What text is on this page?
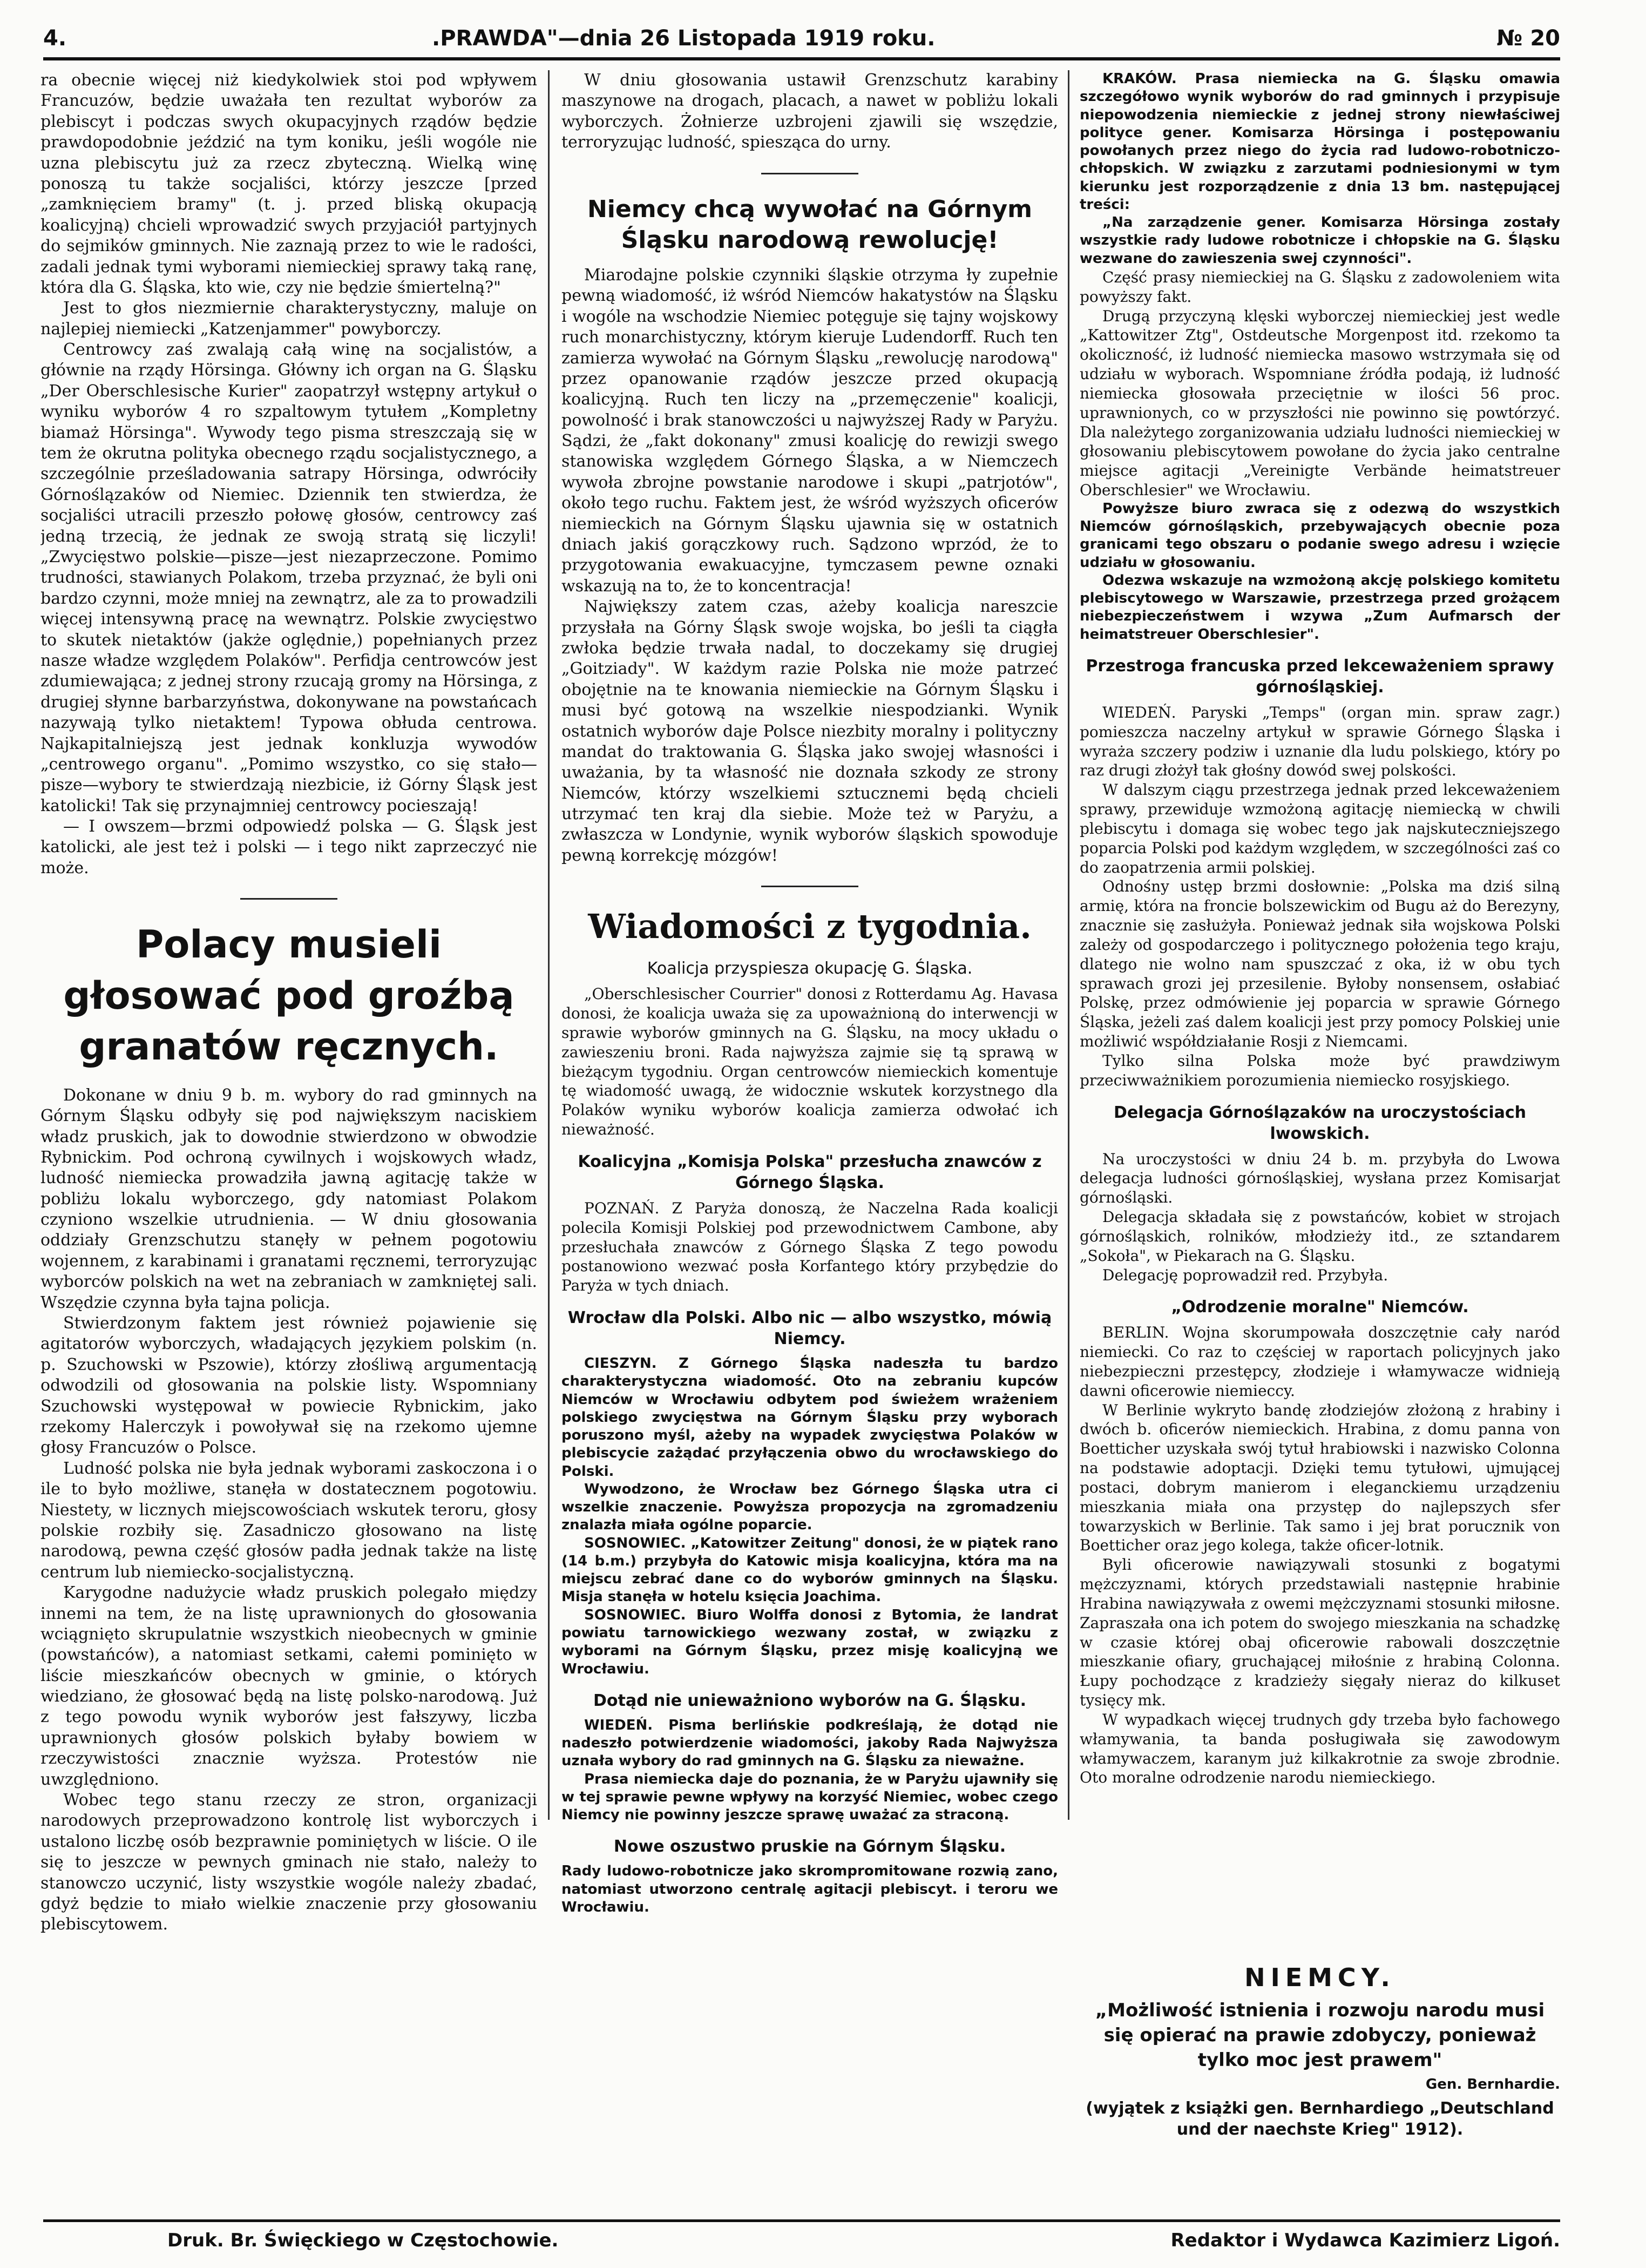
4.	.PRAWDA"—dnia 26 Listopada 1919 roku.	№ 20

ra obecnie więcej niż kiedykolwiek stoi pod wpływem Francuzów, będzie uważała ten rezultat wyborów za plebiscyt i podczas swych okupacyjnych rządów będzie prawdopodobnie jeździć na tym koniku, jeśli wogóle nie uzna plebiscytu już za rzecz zbyteczną. Wielką winę ponoszą tu także socjaliści, którzy jeszcze [przed „zamknięciem bramy" (t. j. przed bliską okupacją koalicyjną) chcieli wprowadzić swych przyjaciół partyjnych do sejmików gminnych. Nie zaznają przez to wie le radości, zadali jednak tymi wyborami niemieckiej sprawy taką ranę, która dla G. Śląska, kto wie, czy nie będzie śmiertelną?"

Jest to głos niezmiernie charakterystyczny, maluje on najlepiej niemiecki „Katzenjammer" powyborczy.

Centrowcy zaś zwalają całą winę na socjalistów, a głównie na rządy Hörsinga. Główny ich organ na G. Śląsku „Der Oberschlesische Kurier" zaopatrzył wstępny artykuł o wyniku wyborów 4 ro szpaltowym tytułem „Kompletny biamaż Hörsinga". Wywody tego pisma streszczają się w tem że okrutna polityka obecnego rządu socjalistycznego, a szczególnie prześladowania satrapy Hörsinga, odwróciły Górnoślązaków od Niemiec. Dziennik ten stwierdza, że socjaliści utracili przeszło połowę głosów, centrowcy zaś jedną trzecią, że jednak ze swoją stratą się liczyli! „Zwycięstwo polskie—pisze—jest niezaprzeczone. Pomimo trudności, stawianych Polakom, trzeba przyznać, że byli oni bardzo czynni, może mniej na zewnątrz, ale za to prowadzili więcej intensywną pracę na wewnątrz. Polskie zwycięstwo to skutek nietaktów (jakże oględnie,) popełnianych przez nasze władze względem Polaków". Perfidja centrowców jest zdumiewająca; z jednej strony rzucają gromy na Hörsinga, z drugiej słynne barbarzyństwa, dokonywane na powstańcach nazywają tylko nietaktem! Typowa obłuda centrowa. Najkapitalniejszą jest jednak konkluzja wywodów „centrowego organu". „Pomimo wszystko, co się stało—pisze—wybory te stwierdzają niezbicie, iż Górny Śląsk jest katolicki! Tak się przynajmniej centrowcy pocieszają!

— I owszem—brzmi odpowiedź polska — G. Śląsk jest katolicki, ale jest też i polski — i tego nikt zaprzeczyć nie może.

Polacy musieli głosować pod groźbą granatów ręcznych.

Dokonane w dniu 9 b. m. wybory do rad gminnych na Górnym Śląsku odbyły się pod największym naciskiem władz pruskich, jak to dowodnie stwierdzono w obwodzie Rybnickim. Pod ochroną cywilnych i wojskowych władz, ludność niemiecka prowadziła jawną agitację także w pobliżu lokalu wyborczego, gdy natomiast Polakom czyniono wszelkie utrudnienia. — W dniu głosowania oddziały Grenzschutzu stanęły w pełnem pogotowiu wojennem, z karabinami i granatami ręcznemi, terroryzując wyborców polskich na wet na zebraniach w zamkniętej sali. Wszędzie czynna była tajna policja.

Stwierdzonym faktem jest również pojawienie się agitatorów wyborczych, władających językiem polskim (n. p. Szuchowski w Pszowie), którzy złośliwą argumentacją odwodzili od głosowania na polskie listy. Wspomniany Szuchowski występował w powiecie Rybnickim, jako rzekomy Halerczyk i powoływał się na rzekomo ujemne głosy Francuzów o Polsce.

Ludność polska nie była jednak wyborami zaskoczona i o ile to było możliwe, stanęła w dostatecznem pogotowiu. Niestety, w licznych miejscowościach wskutek teroru, głosy polskie rozbiły się. Zasadniczo głosowano na listę narodową, pewna część głosów padła jednak także na listę centrum lub niemiecko-socjalistyczną.

Karygodne nadużycie władz pruskich polegało między innemi na tem, że na listę uprawnionych do głosowania wciągnięto skrupulatnie wszystkich nieobecnych w gminie (powstańców), a natomiast setkami, całemi pominięto w liście mieszkańców obecnych w gminie, o których wiedziano, że głosować będą na listę polsko-narodową. Już z tego powodu wynik wyborów jest fałszywy, liczba uprawnionych głosów polskich byłaby bowiem w rzeczywistości znacznie wyższa. Protestów nie uwzględniono.

Wobec tego stanu rzeczy ze stron, organizacji narodowych przeprowadzono kontrolę list wyborczych i ustalono liczbę osób bezprawnie pominiętych w liście. O ile się to jeszcze w pewnych gminach nie stało, należy to stanowczo uczynić, listy wszystkie wogóle należy zbadać, gdyż będzie to miało wielkie znaczenie przy głosowaniu plebiscytowem.

W dniu głosowania ustawił Grenzschutz karabiny maszynowe na drogach, placach, a nawet w pobliżu lokali wyborczych. Żołnierze uzbrojeni zjawili się wszędzie, terroryzując ludność, spiesząca do urny.

Niemcy chcą wywołać na Górnym Śląsku narodową rewolucję!

Miarodajne polskie czynniki śląskie otrzyma ły zupełnie pewną wiadomość, iż wśród Niemców hakatystów na Śląsku i wogóle na wschodzie Niemiec potęguje się tajny wojskowy ruch monarchistyczny, którym kieruje Ludendorff. Ruch ten zamierza wywołać na Górnym Śląsku „rewolucję narodową" przez opanowanie rządów jeszcze przed okupacją koalicyjną. Ruch ten liczy na „przemęczenie" koalicji, powolność i brak stanowczości u najwyższej Rady w Paryżu. Sądzi, że „fakt dokonany" zmusi koalicję do rewizji swego stanowiska względem Górnego Śląska, a w Niemczech wywoła zbrojne powstanie narodowe i skupi „patrjotów", około tego ruchu. Faktem jest, że wśród wyższych oficerów niemieckich na Górnym Śląsku ujawnia się w ostatnich dniach jakiś gorączkowy ruch. Sądzono wprzód, że to przygotowania ewakuacyjne, tymczasem pewne oznaki wskazują na to, że to koncentracja!

Największy zatem czas, ażeby koalicja nareszcie przysłała na Górny Śląsk swoje wojska, bo jeśli ta ciągła zwłoka będzie trwała nadal, to doczekamy się drugiej „Goitziady". W każdym razie Polska nie może patrzeć obojętnie na te knowania niemieckie na Górnym Śląsku i musi być gotową na wszelkie niespodzianki. Wynik ostatnich wyborów daje Polsce niezbity moralny i polityczny mandat do traktowania G. Śląska jako swojej własności i uważania, by ta własność nie doznała szkody ze strony Niemców, którzy wszelkiemi sztucznemi będą chcieli utrzymać ten kraj dla siebie. Może też w Paryżu, a zwłaszcza w Londynie, wynik wyborów śląskich spowoduje pewną korrekcję mózgów!

Wiadomości z tygodnia.
Koalicja przyspiesza okupację G. Śląska.

„Oberschlesischer Courrier" donosi z Rotterdamu Ag. Havasa donosi, że koalicja uważa się za upoważnioną do interwencji w sprawie wyborów gminnych na G. Śląsku, na mocy układu o zawieszeniu broni. Rada najwyższa zajmie się tą sprawą w bieżącym tygodniu. Organ centrowców niemieckich komentuje tę wiadomość uwagą, że widocznie wskutek korzystnego dla Polaków wyniku wyborów koalicja zamierza odwołać ich nieważność.

Koalicyjna „Komisja Polska" przesłucha znawców z Górnego Śląska.

POZNAŃ. Z Paryża donoszą, że Naczelna Rada koalicji polecila Komisji Polskiej pod przewodnictwem Cambone, aby przesłuchała znawców z Górnego Śląska Z tego powodu postanowiono wezwać posła Korfantego który przybędzie do Paryża w tych dniach.

Wrocław dla Polski. Albo nic — albo wszystko, mówią Niemcy.

CIESZYN. Z Górnego Śląska nadeszła tu bardzo charakterystyczna wiadomość. Oto na zebraniu kupców Niemców w Wrocławiu odbytem pod świeżem wrażeniem polskiego zwycięstwa na Górnym Śląsku przy wyborach poruszono myśl, ażeby na wypadek zwycięstwa Polaków w plebiscycie zażądać przyłączenia obwo du wrocławskiego do Polski.

Wywodzono, że Wrocław bez Górnego Śląska utra ci wszelkie znaczenie. Powyższa propozycja na zgromadzeniu znalazła miała ogólne poparcie.

SOSNOWIEC. „Katowitzer Zeitung" donosi, że w piątek rano (14 b.m.) przybyła do Katowic misja koalicyjna, która ma na miejscu zebrać dane co do wyborów gminnych na Śląsku. Misja stanęła w hotelu księcia Joachima.

SOSNOWIEC. Biuro Wolffa donosi z Bytomia, że landrat powiatu tarnowickiego wezwany został, w związku z wyborami na Górnym Śląsku, przez misję koalicyjną we Wrocławiu.

Dotąd nie unieważniono wyborów na G. Śląsku.

WIEDEŃ. Pisma berlińskie podkreślają, że dotąd nie nadeszło potwierdzenie wiadomości, jakoby Rada Najwyższa uznała wybory do rad gminnych na G. Śląsku za nieważne.

Prasa niemiecka daje do poznania, że w Paryżu ujawniły się w tej sprawie pewne wpływy na korzyść Niemiec, wobec czego Niemcy nie powinny jeszcze sprawę uważać za straconą.

Nowe oszustwo pruskie na Górnym Śląsku.

Rady ludowo-robotnicze jako skrompromitowane rozwią zano, natomiast utworzono centralę agitacji plebiscyt. i teroru we Wrocławiu.

KRAKÓW. Prasa niemiecka na G. Śląsku omawia szczegółowo wynik wyborów do rad gminnych i przypisuje niepowodzenia niemieckie z jednej strony niewłaściwej polityce gener. Komisarza Hörsinga i postępowaniu powołanych przez niego do życia rad ludowo-robotniczo-chłopskich. W związku z zarzutami podniesionymi w tym kierunku jest rozporządzenie z dnia 13 bm. następującej treści:

„Na zarządzenie gener. Komisarza Hörsinga zostały wszystkie rady ludowe robotnicze i chłopskie na G. Śląsku wezwane do zawieszenia swej czynności".

Część prasy niemieckiej na G. Śląsku z zadowoleniem wita powyższy fakt.

Drugą przyczyną klęski wyborczej niemieckiej jest wedle „Kattowitzer Ztg", Ostdeutsche Morgenpost itd. rzekomo ta okoliczność, iż ludność niemiecka masowo wstrzymała się od udziału w wyborach. Wspomniane źródła podają, iż ludność niemiecka głosowała przeciętnie w ilości 56 proc. uprawnionych, co w przyszłości nie powinno się powtórzyć. Dla należytego zorganizowania udziału ludności niemieckiej w głosowaniu plebiscytowem powołane do życia jako centralne miejsce agitacji „Vereinigte Verbände heimatstreuer Oberschlesier" we Wrocławiu.

Powyższe biuro zwraca się z odezwą do wszystkich Niemców górnośląskich, przebywających obecnie poza granicami tego obszaru o podanie swego adresu i wzięcie udziału w głosowaniu.

Odezwa wskazuje na wzmożoną akcję polskiego komitetu plebiscytowego w Warszawie, przestrzega przed grożącem niebezpieczeństwem i wzywa „Zum Aufmarsch der heimatstreuer Oberschlesier".

Przestroga francuska przed lekceważeniem sprawy górnośląskiej.

WIEDEŃ. Paryski „Temps" (organ min. spraw zagr.) pomieszcza naczelny artykuł w sprawie Górnego Śląska i wyraża szczery podziw i uznanie dla ludu polskiego, który po raz drugi złożył tak głośny dowód swej polskości.

W dalszym ciągu przestrzega jednak przed lekceważeniem sprawy, przewiduje wzmożoną agitację niemiecką w chwili plebiscytu i domaga się wobec tego jak najskuteczniejszego poparcia Polski pod każdym względem, w szczególności zaś co do zaopatrzenia armii polskiej.

Odnośny ustęp brzmi dosłownie: „Polska ma dziś silną armię, która na froncie bolszewickim od Bugu aż do Berezyny, znacznie się zasłużyła. Ponieważ jednak siła wojskowa Polski zależy od gospodarczego i politycznego położenia tego kraju, dlatego nie wolno nam spuszczać z oka, iż w obu tych sprawach grozi jej przesilenie. Byłoby nonsensem, osłabiać Polskę, przez odmówienie jej poparcia w sprawie Górnego Śląska, jeżeli zaś dalem koalicji jest przy pomocy Polskiej unie możliwić współdziałanie Rosji z Niemcami.

Tylko silna Polska może być prawdziwym przeciwważnikiem porozumienia niemiecko rosyjskiego.

Delegacja Górnoślązaków na uroczystościach lwowskich.

Na uroczystości w dniu 24 b. m. przybyła do Lwowa delegacja ludności górnośląskiej, wysłana przez Komisarjat górnośląski.

Delegacja składała się z powstańców, kobiet w strojach górnośląskich, rolników, młodzieży itd., ze sztandarem „Sokoła", w Piekarach na G. Śląsku.

Delegację poprowadził red. Przybyła.

„Odrodzenie moralne" Niemców.

BERLIN. Wojna skorumpowała doszczętnie cały naród niemiecki. Co raz to częściej w raportach policyjnych jako niebezpieczni przestępcy, złodzieje i włamywacze widnieją dawni oficerowie niemieccy.

W Berlinie wykryto bandę złodziejów złożoną z hrabiny i dwóch b. oficerów niemieckich. Hrabina, z domu panna von Boetticher uzyskała swój tytuł hrabiowski i nazwisko Colonna na podstawie adoptacji. Dzięki temu tytułowi, ujmującej postaci, dobrym manierom i eleganckiemu urządzeniu mieszkania miała ona przystęp do najlepszych sfer towarzyskich w Berlinie. Tak samo i jej brat porucznik von Boetticher oraz jego kolega, także oficer-lotnik.

Byli oficerowie nawiązywali stosunki z bogatymi mężczyznami, których przedstawiali następnie hrabinie Hrabina nawiązywała z owemi mężczyznami stosunki miłosne. Zapraszała ona ich potem do swojego mieszkania na schadzkę w czasie której obaj oficerowie rabowali doszczętnie mieszkanie ofiary, gruchającej miłośnie z hrabiną Colonna. Łupy pochodzące z kradzieży sięgały nieraz do kilkuset tysięcy mk.

W wypadkach więcej trudnych gdy trzeba było fachowego włamywania, ta banda posługiwała się zawodowym włamywaczem, karanym już kilkakrotnie za swoje zbrodnie. Oto moralne odrodzenie narodu niemieckiego.

NIEMCY.
„Możliwość istnienia i rozwoju narodu musi się opierać na prawie zdobyczy, ponieważ tylko moc jest prawem"
Gen. Bernhardie.
(wyjątek z książki gen. Bernhardiego „Deutschland und der naechste Krieg" 1912).
Druk. Br. Święckiego w Częstochowie.	Redaktor i Wydawca Kazimierz Ligoń.
